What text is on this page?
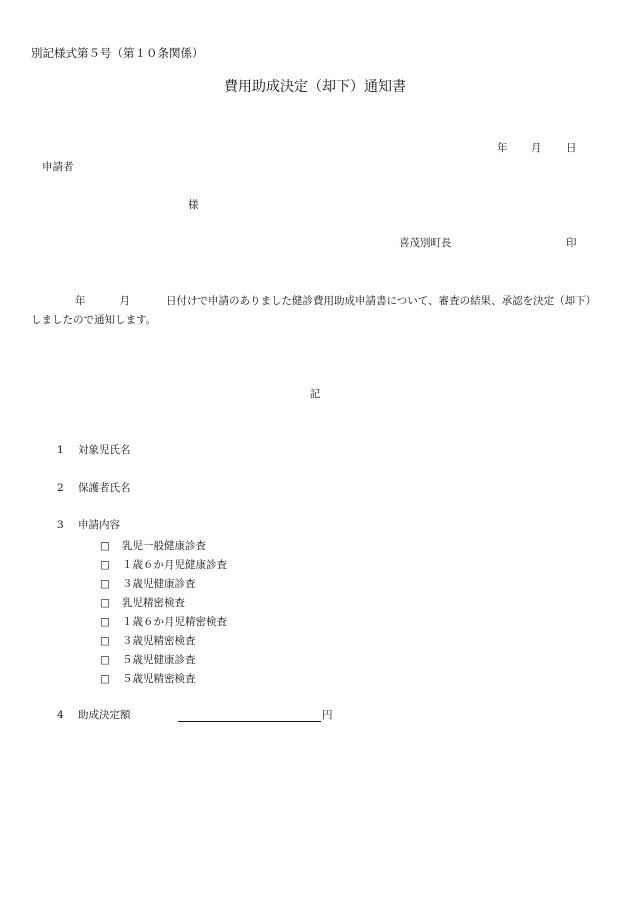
別記様式第５号（第１０条関係）
費用助成決定（却下）通知書
年 月 日
申請者
様
喜茂別町長	印
年	月	日付けで申請のありました健診費用助成申請書について、審査の結果、承認を決定（却下）しましたので通知します。
記
1 対象児氏名
2 保護者氏名
3 申請内容
□ 乳児一般健康診査
□ １歳６か月児健康診査
□ ３歳児健康診査
□ 乳児精密検査
□ １歳６か月児精密検査
□ ３歳児精密検査
□ ５歳児健康診査
□ ５歳児精密検査
4 助成決定額	円
